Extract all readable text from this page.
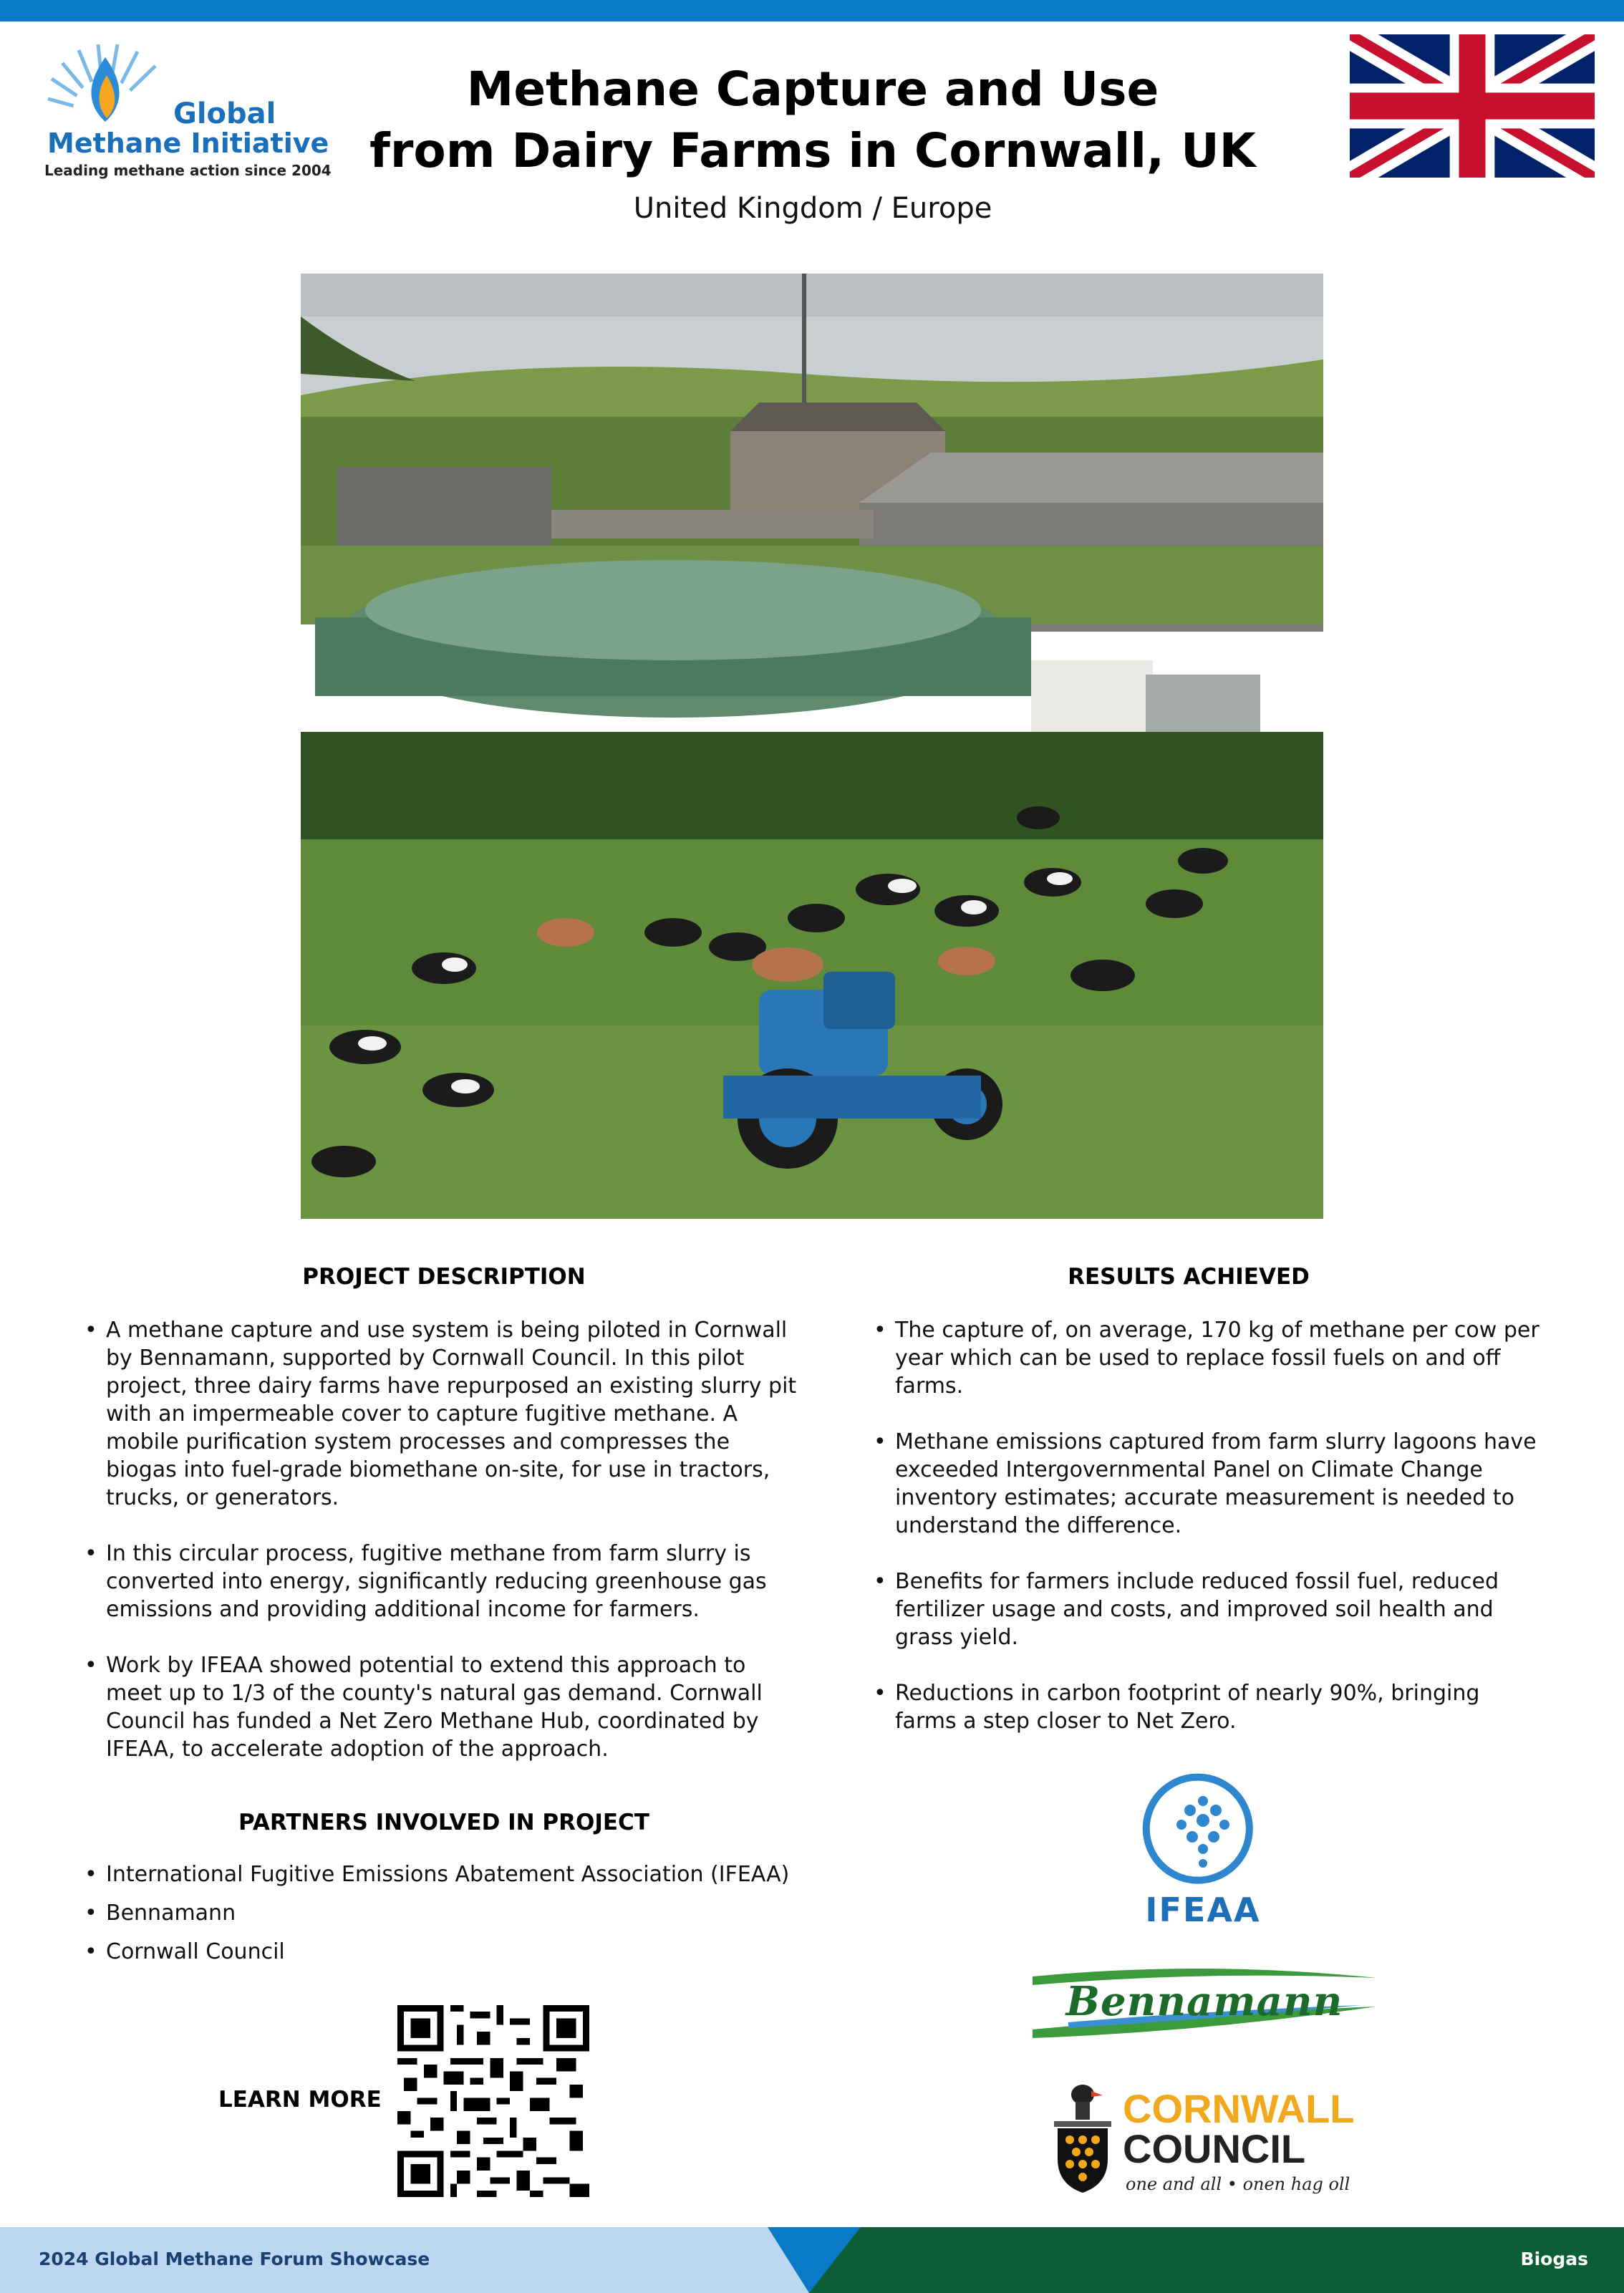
Global
Methane Initiative
Leading methane action since 2004
Methane Capture and Use
from Dairy Farms in Cornwall, UK
United Kingdom / Europe
PROJECT DESCRIPTION
• A methane capture and use system is being piloted in Cornwall by Bennamann, supported by Cornwall Council. In this pilot project, three dairy farms have repurposed an existing slurry pit with an impermeable cover to capture fugitive methane. A mobile purification system processes and compresses the biogas into fuel-grade biomethane on-site, for use in tractors, trucks, or generators.
• In this circular process, fugitive methane from farm slurry is converted into energy, significantly reducing greenhouse gas emissions and providing additional income for farmers.
• Work by IFEAA showed potential to extend this approach to meet up to 1/3 of the county's natural gas demand. Cornwall Council has funded a Net Zero Methane Hub, coordinated by IFEAA, to accelerate adoption of the approach.
RESULTS ACHIEVED
• The capture of, on average, 170 kg of methane per cow per year which can be used to replace fossil fuels on and off farms.
• Methane emissions captured from farm slurry lagoons have exceeded Intergovernmental Panel on Climate Change inventory estimates; accurate measurement is needed to understand the difference.
• Benefits for farmers include reduced fossil fuel, reduced fertilizer usage and costs, and improved soil health and grass yield.
• Reductions in carbon footprint of nearly 90%, bringing farms a step closer to Net Zero.
PARTNERS INVOLVED IN PROJECT
• International Fugitive Emissions Abatement Association (IFEAA)
• Bennamann
• Cornwall Council
LEARN MORE
IFEAA
Bennamann
CORNWALL
COUNCIL
one and all • onen hag oll
2024 Global Methane Forum Showcase	Biogas
